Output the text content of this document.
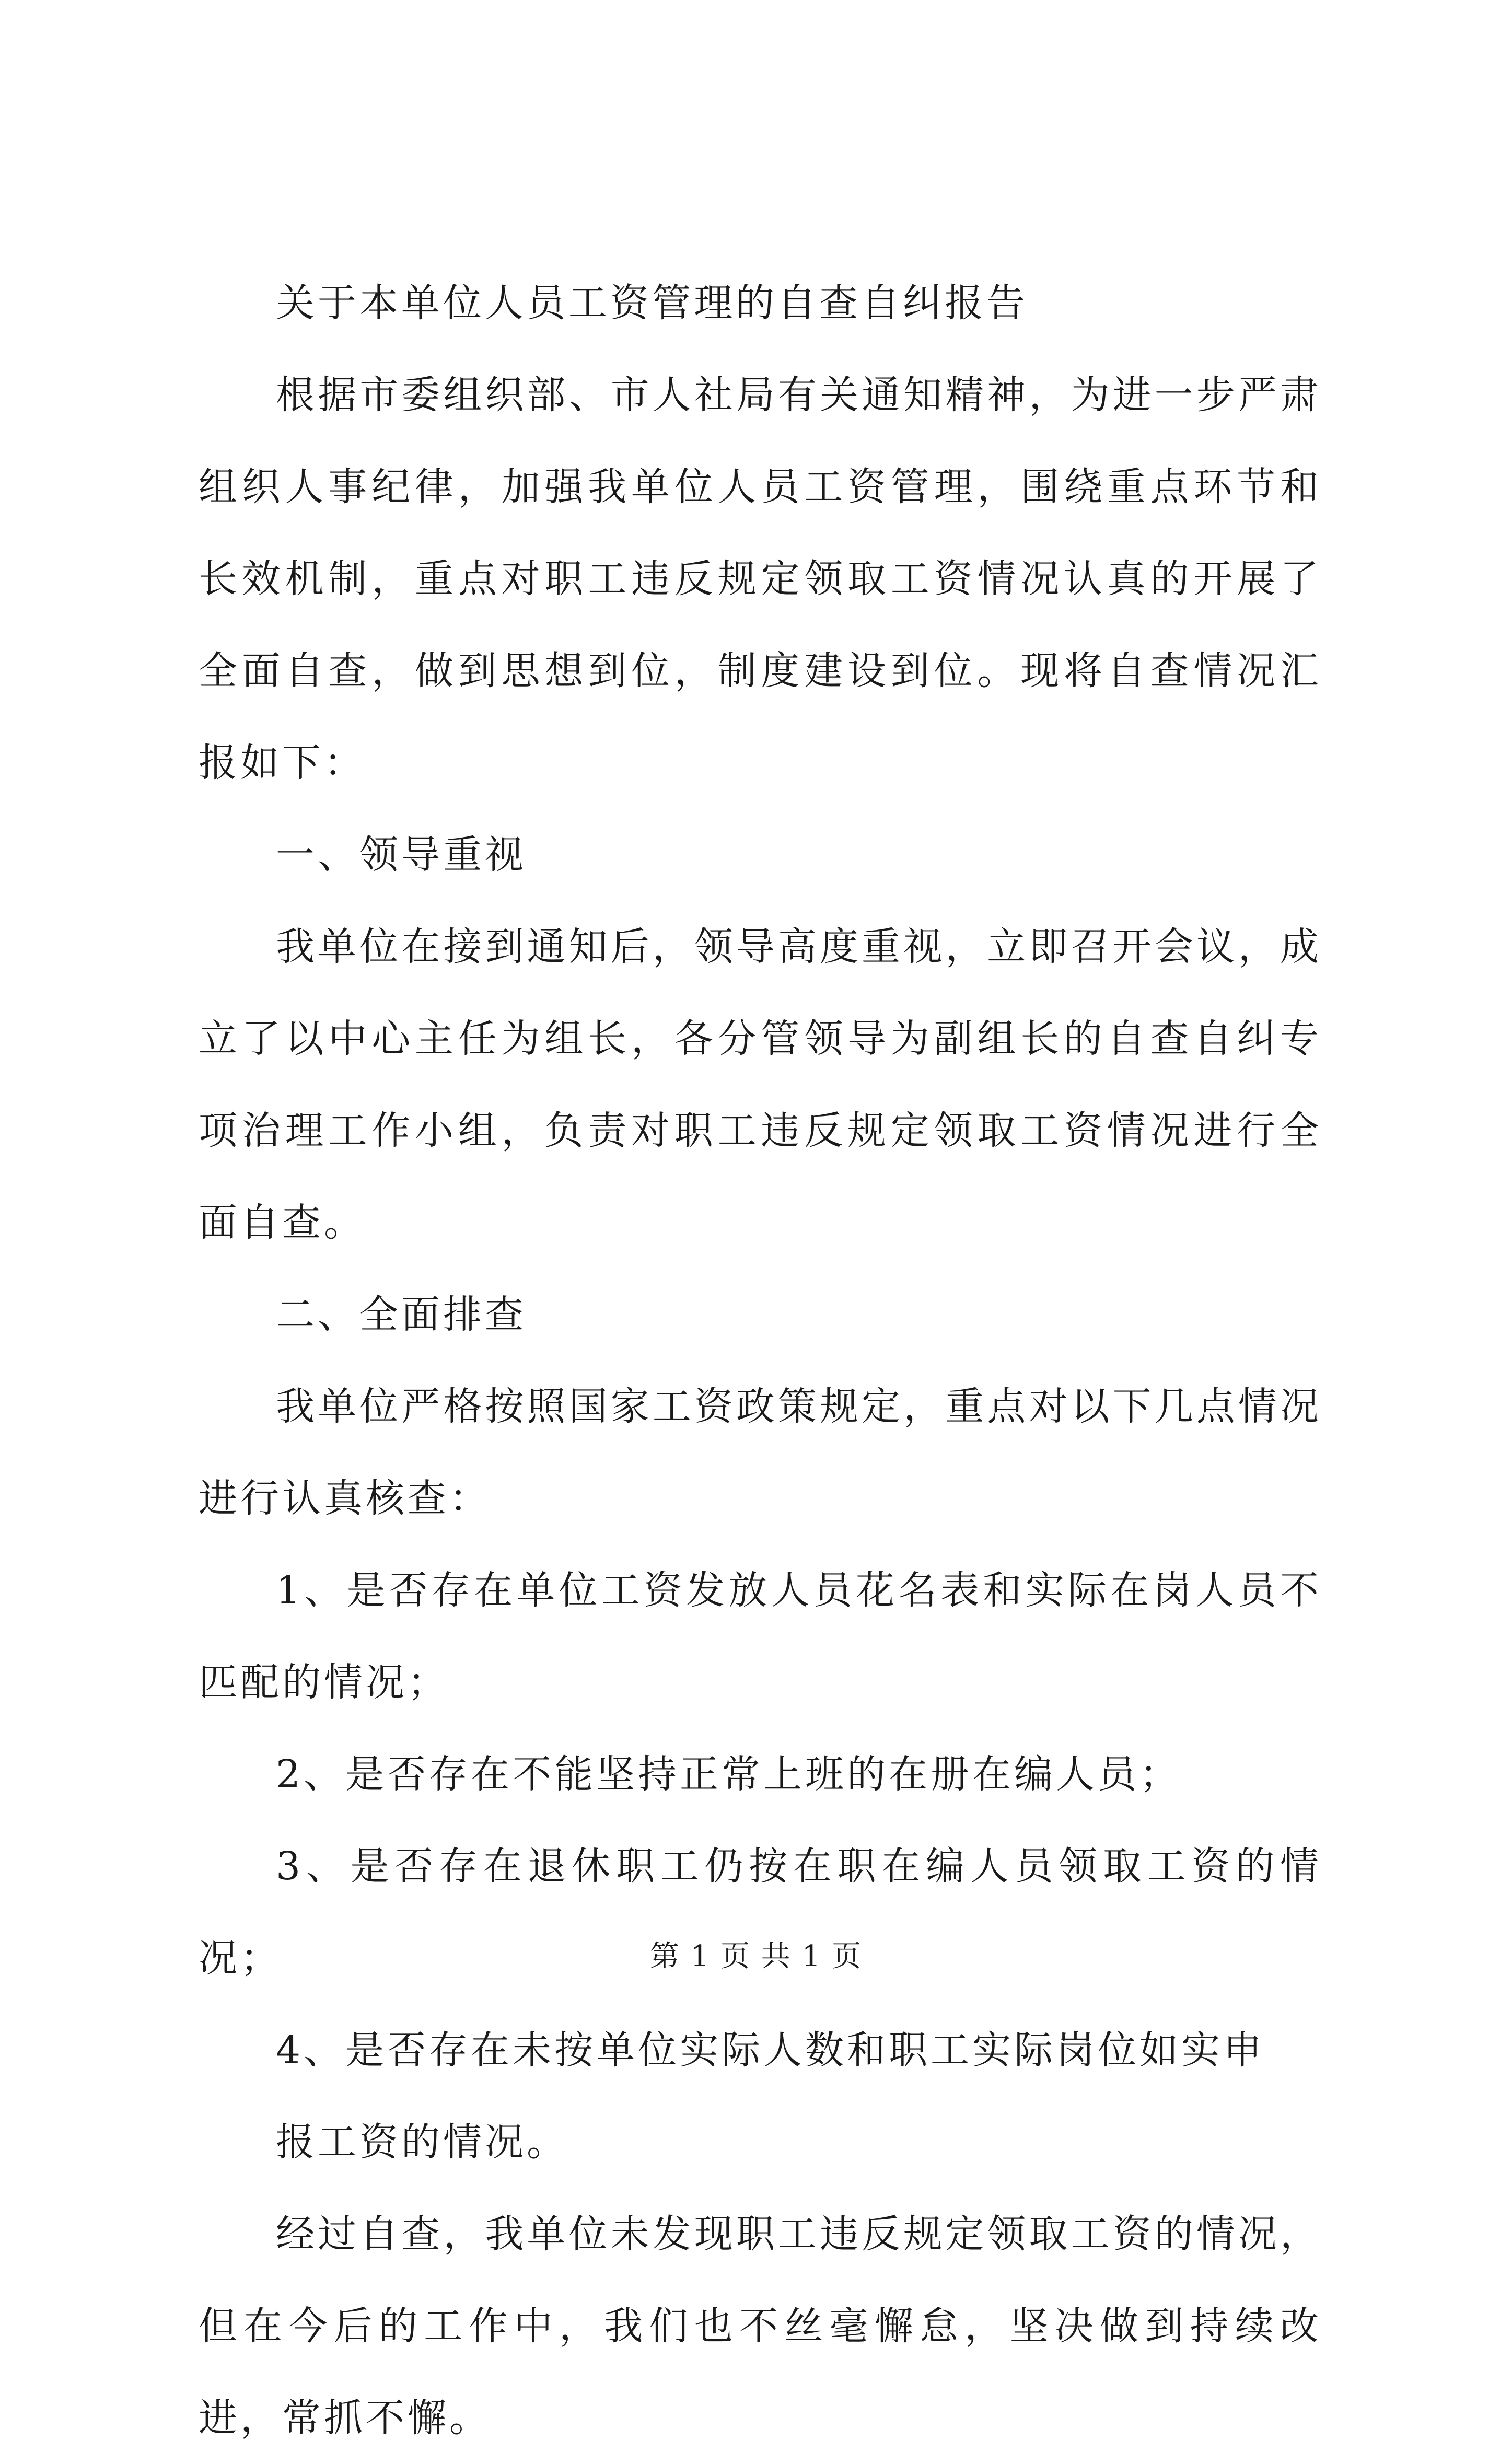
关于本单位人员工资管理的自查自纠报告

根据市委组织部、市人社局有关通知精神，为进一步严肃组织人事纪律，加强我单位人员工资管理，围绕重点环节和长效机制，重点对职工违反规定领取工资情况认真的开展了全面自查，做到思想到位，制度建设到位。现将自查情况汇报如下：

一、领导重视

我单位在接到通知后，领导高度重视，立即召开会议，成立了以中心主任为组长，各分管领导为副组长的自查自纠专项治理工作小组，负责对职工违反规定领取工资情况进行全面自查。

二、全面排查

我单位严格按照国家工资政策规定，重点对以下几点情况进行认真核查：

1、是否存在单位工资发放人员花名表和实际在岗人员不匹配的情况；

2、是否存在不能坚持正常上班的在册在编人员；

3、是否存在退休职工仍按在职在编人员领取工资的情况；

4、是否存在未按单位实际人数和职工实际岗位如实申

报工资的情况。

经过自查，我单位未发现职工违反规定领取工资的情况，但在今后的工作中，我们也不丝毫懈怠，坚决做到持续改进，常抓不懈。

第 1 页 共 1 页
